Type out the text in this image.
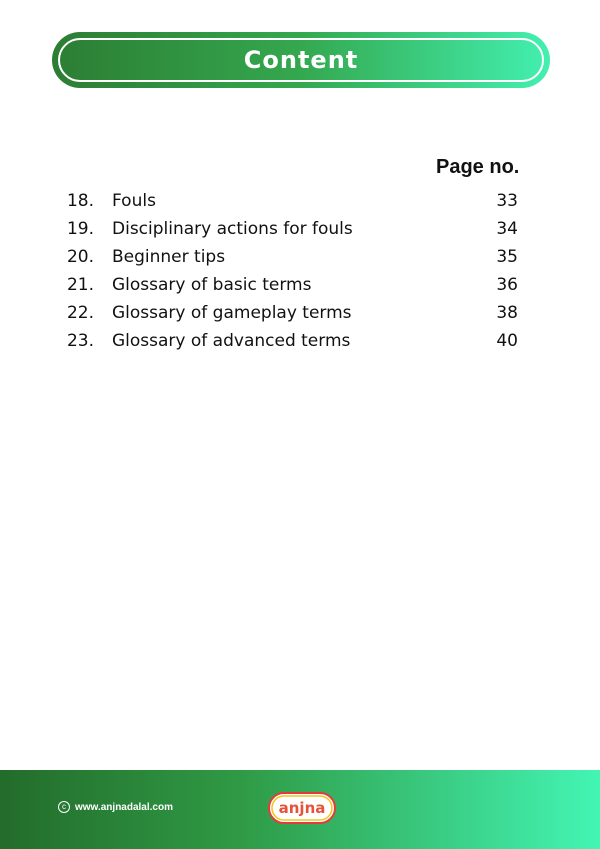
Content
Page no.
18. Fouls	33
19. Disciplinary actions for fouls	34
20. Beginner tips	35
21. Glossary of basic terms	36
22. Glossary of gameplay terms	38
23. Glossary of advanced terms	40
c www.anjnadalal.com	anjna
